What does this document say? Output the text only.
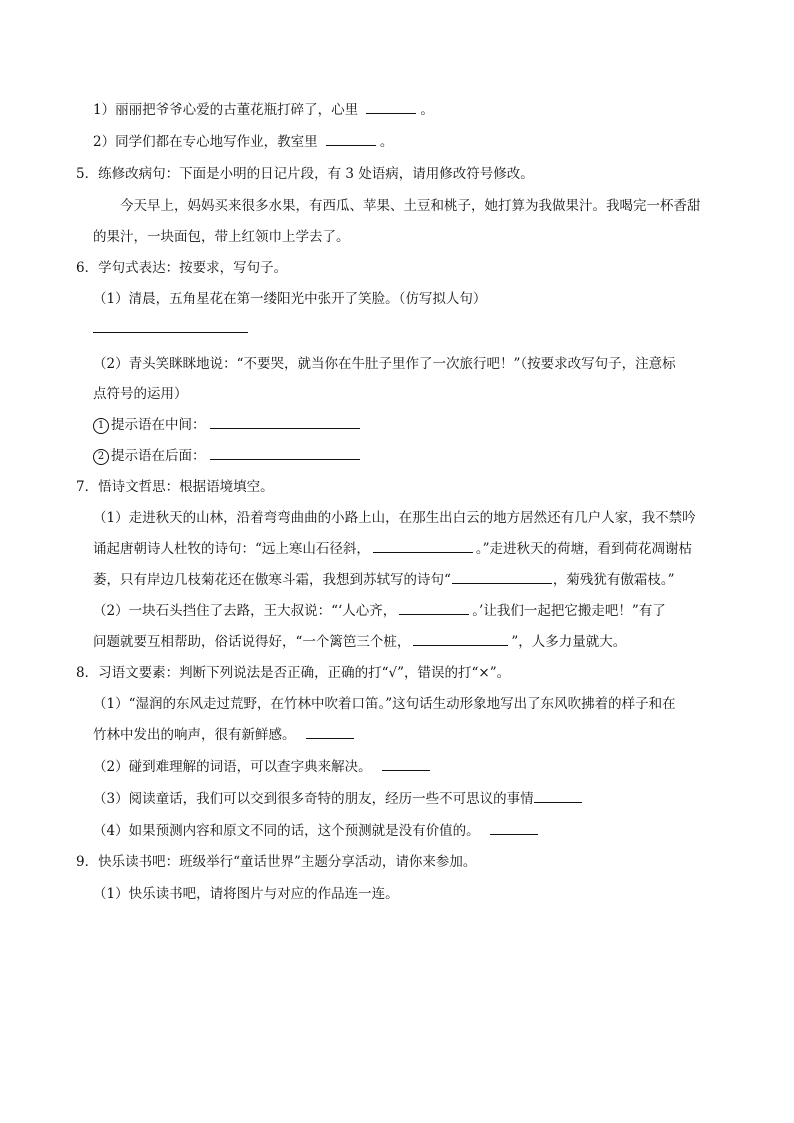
1）丽丽把爷爷心爱的古董花瓶打碎了，心里	。
2）同学们都在专心地写作业，教室里	。
5．练修改病句：下面是小明的日记片段，有 3 处语病，请用修改符号修改。
今天早上，妈妈买来很多水果，有西瓜、苹果、土豆和桃子，她打算为我做果汁。我喝完一杯香甜
的果汁，一块面包，带上红领巾上学去了。
6．学句式表达：按要求，写句子。
（1）清晨，五角星花在第一缕阳光中张开了笑脸。（仿写拟人句）
（2）青头笑眯眯地说：“不要哭，就当你在牛肚子里作了一次旅行吧！”（按要求改写句子，注意标
点符号的运用）
1 提示语在中间：
2 提示语在后面：
7．悟诗文哲思：根据语境填空。
（1）走进秋天的山林，沿着弯弯曲曲的小路上山，在那生出白云的地方居然还有几户人家，我不禁吟
诵起唐朝诗人杜牧的诗句：“远上寒山石径斜，	。”走进秋天的荷塘，看到荷花凋谢枯
萎，只有岸边几枝菊花还在傲寒斗霜，我想到苏轼写的诗句“	，菊残犹有傲霜枝。”
（2）一块石头挡住了去路，王大叔说：“‘人心齐，	。’让我们一起把它搬走吧！”有了
问题就要互相帮助，俗话说得好，“一个篱笆三个桩，	”，人多力量就大。
8．习语文要素：判断下列说法是否正确，正确的打“√”，错误的打“×”。
（1）“湿润的东风走过荒野，在竹林中吹着口笛。”这句话生动形象地写出了东风吹拂着的样子和在
竹林中发出的响声，很有新鲜感。
（2）碰到难理解的词语，可以查字典来解决。
（3）阅读童话，我们可以交到很多奇特的朋友，经历一些不可思议的事情
（4）如果预测内容和原文不同的话，这个预测就是没有价值的。
9．快乐读书吧：班级举行“童话世界”主题分享活动，请你来参加。
（1）快乐读书吧，请将图片与对应的作品连一连。
